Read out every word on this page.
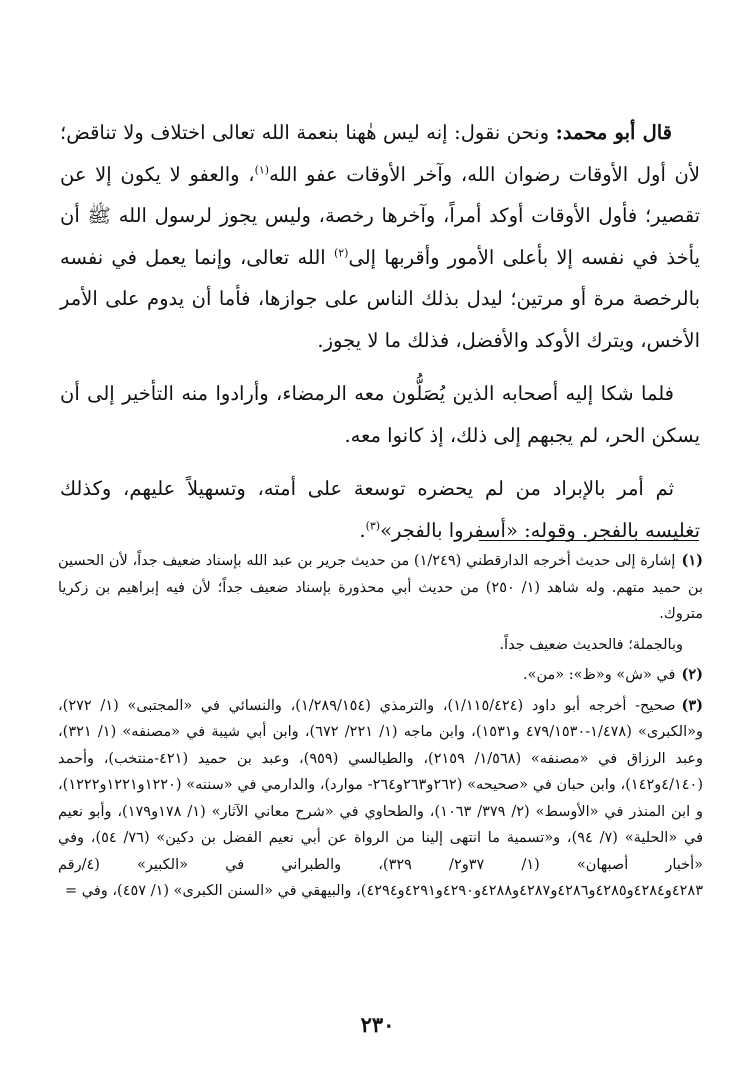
قال أبو محمد: ونحن نقول: إنه ليس هٰهنا بنعمة الله تعالى اختلاف ولا تناقض؛ لأن أول الأوقات رضوان الله، وآخر الأوقات عفو الله$^{(١)}$، والعفو لا يكون إلا عن تقصير؛ فأول الأوقات أوكد أمراً، وآخرها رخصة، وليس يجوز لرسول الله ﷺ أن يأخذ في نفسه إلا بأعلى الأمور وأقربها إلى$^{(٢)}$ الله تعالى، وإنما يعمل في نفسه بالرخصة مرة أو مرتين؛ ليدل بذلك الناس على جوازها، فأما أن يدوم على الأمر الأخس، ويترك الأوكد والأفضل، فذلك ما لا يجوز.

فلما شكا إليه أصحابه الذين يُصَلُّون معه الرمضاء، وأرادوا منه التأخير إلى أن يسكن الحر، لم يجبهم إلى ذلك، إذ كانوا معه.

ثم أمر بالإبراد من لم يحضره توسعة على أمته، وتسهيلاً عليهم، وكذلك تغليسه بالفجر. وقوله: «أسفروا بالفجر»$^{(٣)}$.

(١)إشارة إلى حديث أخرجه الدارقطني (١/٢٤٩) من حديث جرير بن عبد الله بإسناد ضعيف جداً، لأن الحسين بن حميد متهم. وله شاهد (١/ ٢٥٠) من حديث أبي محذورة بإسناد ضعيف جداً؛ لأن فيه إبراهيم بن زكريا متروك.

وبالجملة؛ فالحديث ضعيف جداً.

(٢)في «ش» و«ظ»: «من».

(٣)صحيح- أخرجه أبو داود (١/١١٥/٤٢٤)، والترمذي (١/٢٨٩/١٥٤)، والنسائي في «المجتبى» (١/ ٢٧٢)، و«الكبرى» (١/٤٧٨-٤٧٩/١٥٣٠ و١٥٣١)، وابن ماجه (١/ ٢٢١/ ٦٧٢)، وابن أبي شيبة في «مصنفه» (١/ ٣٢١)، وعبد الرزاق في «مصنفه» (١/٥٦٨/ ٢١٥٩)، والطيالسي (٩٥٩)، وعبد بن حميد (٤٢١-منتخب)، وأحمد (٤/١٤٠و١٤٢)، وابن حبان في «صحيحه» (٢٦٢و٢٦٣و٢٦٤- موارد)، والدارمي في «سننه» (١٢٢٠و١٢٢١و١٢٢٢)، و ابن المنذر في «الأوسط» (٢/ ٣٧٩/ ١٠٦٣)، والطحاوي في «شرح معاني الآثار» (١/ ١٧٨و١٧٩)، وأبو نعيم في «الحلية» (٧/ ٩٤)، و«تسمية ما انتهى إلينا من الرواة عن أبي نعيم الفضل بن دكين» (٧٦/ ٥٤)، وفي «أخبار أصبهان» (١/ ٣٧و٢/ ٣٢٩)، والطبراني في «الكبير» (٤/رقم ٤٢٨٣و٤٢٨٤و٤٢٨٥و٤٢٨٦و٤٢٨٧و٤٢٨٨و٤٢٩٠و٤٢٩١و٤٢٩٤)، والبيهقي في «السنن الكبرى» (١/ ٤٥٧)، وفي =

٢٣٠
